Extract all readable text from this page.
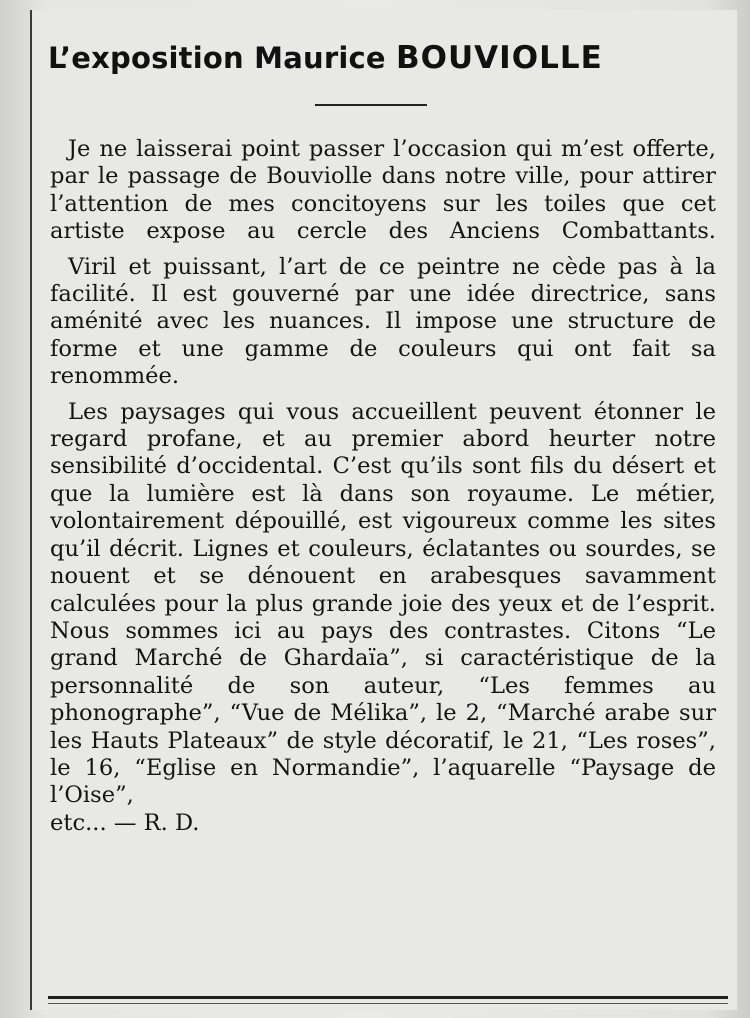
L’exposition Maurice BOUVIOLLE

Je ne laisserai point passer l’occasion qui m’est offerte, par le passage de Bouviolle dans notre ville, pour attirer l’attention de mes concitoyens sur les toiles que cet artiste expose au cercle des Anciens Combattants.

Viril et puissant, l’art de ce peintre ne cède pas à la facilité. Il est gouverné par une idée directrice, sans aménité avec les nuances. Il impose une structure de forme et une gamme de couleurs qui ont fait sa renommée.

Les paysages qui vous accueillent peuvent étonner le regard profane, et au premier abord heurter notre sensibilité d’occidental. C’est qu’ils sont fils du désert et que la lumière est là dans son royaume. Le métier, volontairement dépouillé, est vigoureux comme les sites qu’il décrit. Lignes et couleurs, éclatantes ou sourdes, se nouent et se dénouent en arabesques savamment calculées pour la plus grande joie des yeux et de l’esprit. Nous sommes ici au pays des contrastes. Citons “Le grand Marché de Ghardaïa”, si caractéristique de la personnalité de son auteur, “Les femmes au phonographe”, “Vue de Mélika”, le 2, “Marché arabe sur les Hauts Plateaux” de style décoratif, le 21, “Les roses”, le 16, “Eglise en Normandie”, l’aquarelle “Paysage de l’Oise”,

etc... — R. D.
